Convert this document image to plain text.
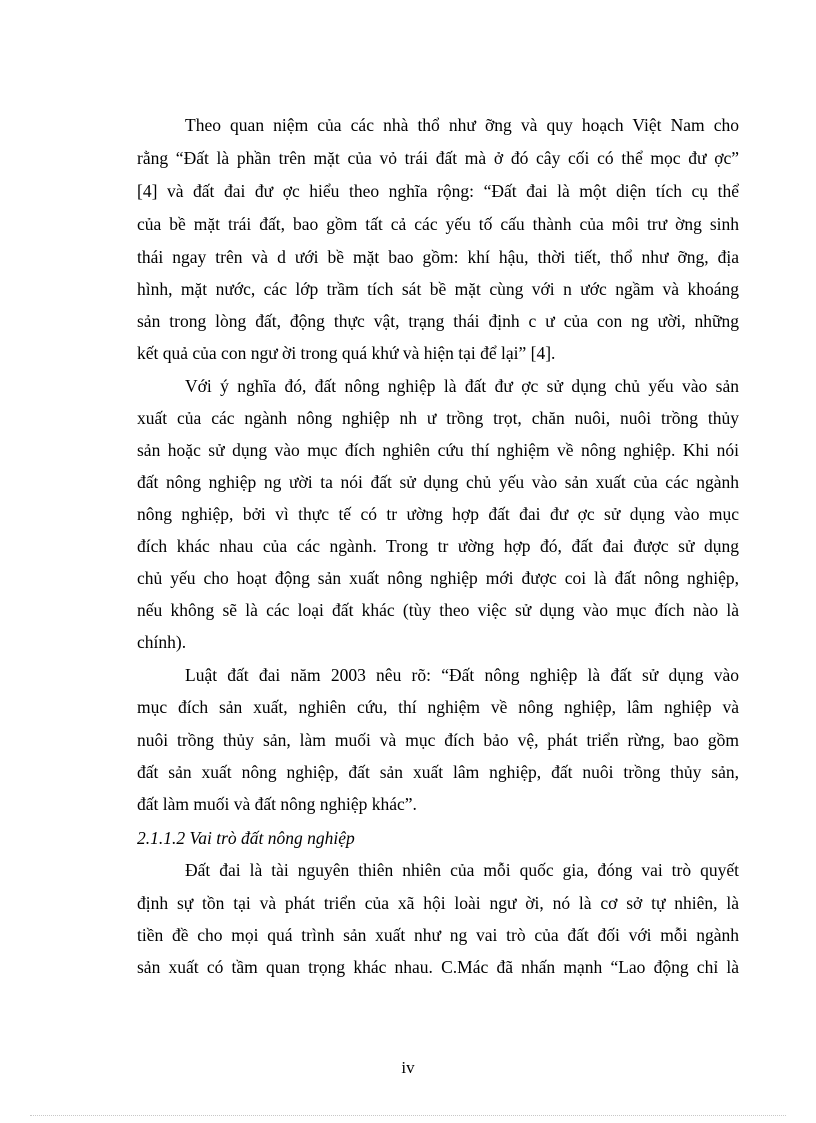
Theo quan niệm của các nhà thổ như ỡng và quy hoạch Việt Nam cho
rằng “Đất là phần trên mặt của vỏ trái đất mà ở đó cây cối có thể mọc đư ợc”
[4] và đất đai đư ợc hiểu theo nghĩa rộng: “Đất đai là một diện tích cụ thể
của bề mặt trái đất, bao gồm tất cả các yếu tố cấu thành của môi trư ờng sinh
thái ngay trên và d ưới bề mặt bao gồm: khí hậu, thời tiết, thổ như ỡng, địa
hình, mặt nước, các lớp trầm tích sát bề mặt cùng với n ước ngầm và khoáng
sản trong lòng đất, động thực vật, trạng thái định c ư của con ng ười, những
kết quả của con ngư ời trong quá khứ và hiện tại để lại” [4].
Với ý nghĩa đó, đất nông nghiệp là đất đư ợc sử dụng chủ yếu vào sản
xuất của các ngành nông nghiệp nh ư trồng trọt, chăn nuôi, nuôi trồng thủy
sản hoặc sử dụng vào mục đích nghiên cứu thí nghiệm về nông nghiệp. Khi nói
đất nông nghiệp ng ười ta nói đất sử dụng chủ yếu vào sản xuất của các ngành
nông nghiệp, bởi vì thực tế có tr ường hợp đất đai đư ợc sử dụng vào mục
đích khác nhau của các ngành. Trong tr ường hợp đó, đất đai được sử dụng
chủ yếu cho hoạt động sản xuất nông nghiệp mới được coi là đất nông nghiệp,
nếu không sẽ là các loại đất khác (tùy theo việc sử dụng vào mục đích nào là
chính).
Luật đất đai năm 2003 nêu rõ: “Đất nông nghiệp là đất sử dụng vào
mục đích sản xuất, nghiên cứu, thí nghiệm về nông nghiệp, lâm nghiệp và
nuôi trồng thủy sản, làm muối và mục đích bảo vệ, phát triển rừng, bao gồm
đất sản xuất nông nghiệp, đất sản xuất lâm nghiệp, đất nuôi trồng thủy sản,
đất làm muối và đất nông nghiệp khác”.
2.1.1.2 Vai trò đất nông nghiệp
Đất đai là tài nguyên thiên nhiên của mỗi quốc gia, đóng vai trò quyết
định sự tồn tại và phát triển của xã hội loài ngư ời, nó là cơ sở tự nhiên, là
tiền đề cho mọi quá trình sản xuất như ng vai trò của đất đối với mỗi ngành
sản xuất có tầm quan trọng khác nhau. C.Mác đã nhấn mạnh “Lao động chỉ là
iv
